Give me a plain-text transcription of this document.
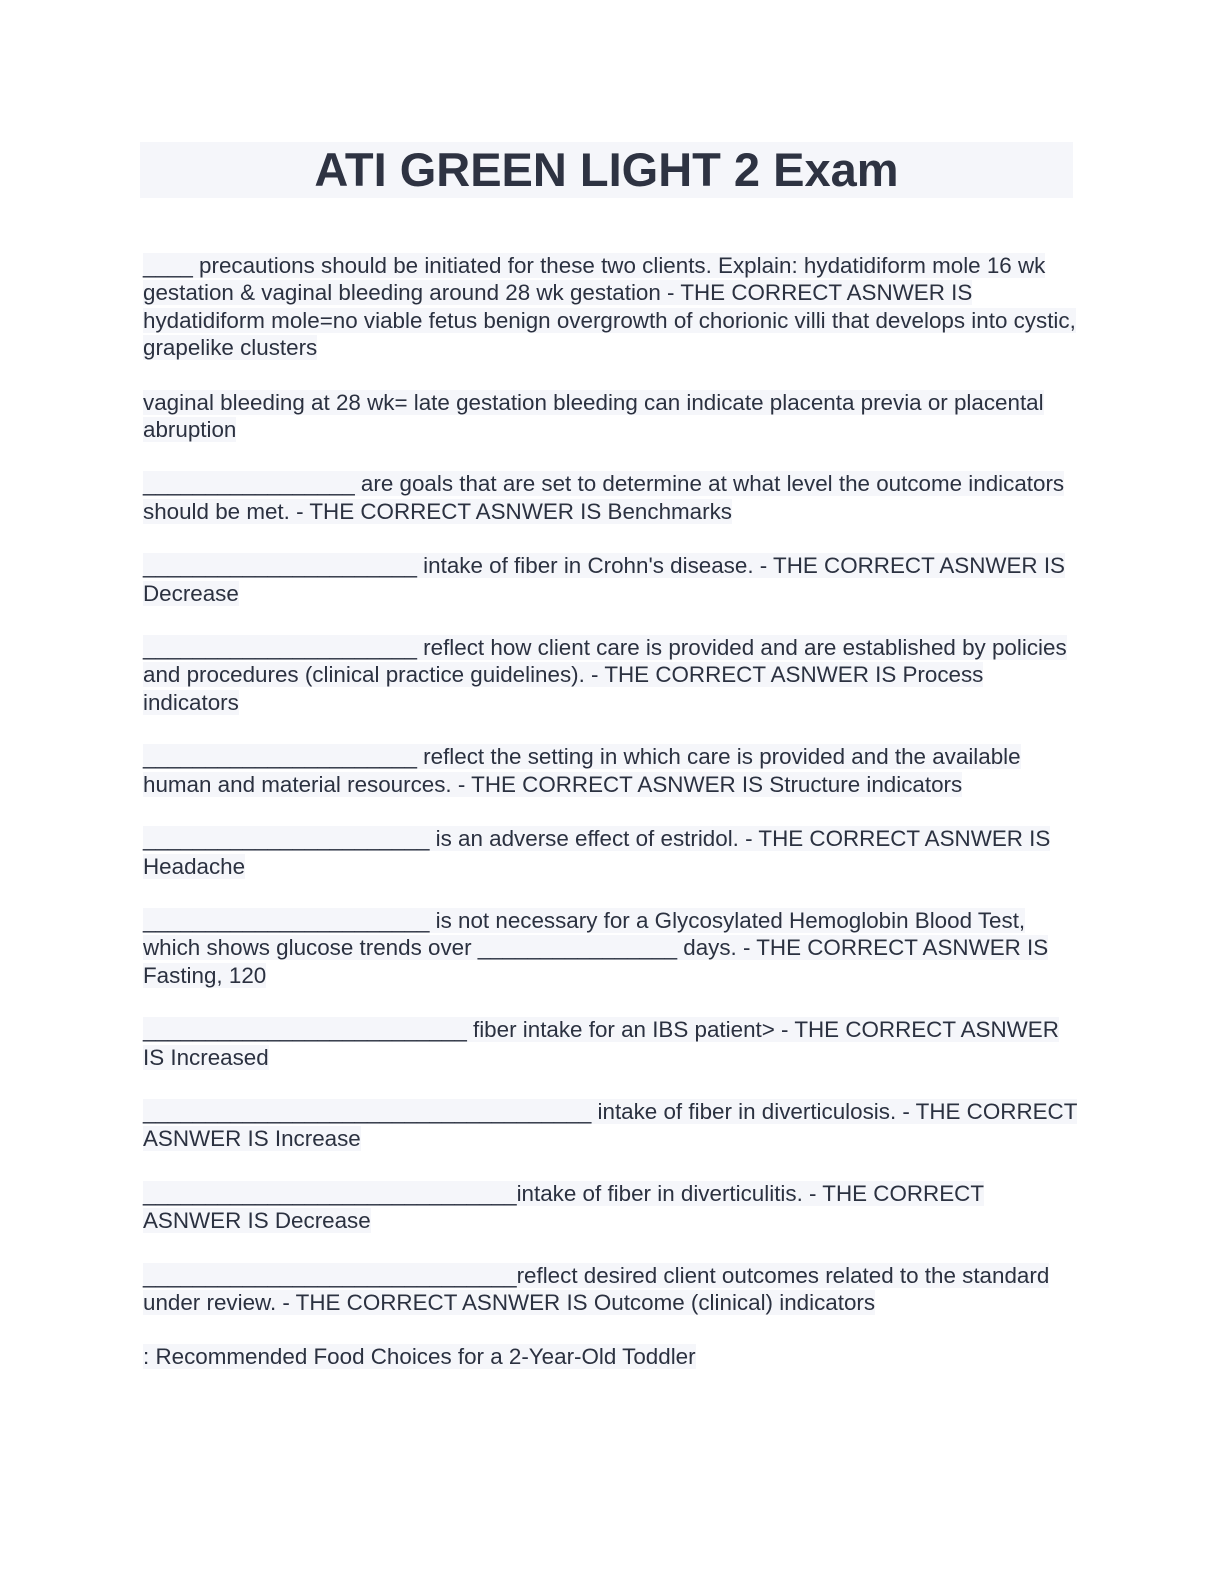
ATI GREEN LIGHT 2 Exam

____ precautions should be initiated for these two clients. Explain: hydatidiform mole 16 wk gestation & vaginal bleeding around 28 wk gestation - THE CORRECT ASNWER IS hydatidiform mole=no viable fetus benign overgrowth of chorionic villi that develops into cystic, grapelike clusters

vaginal bleeding at 28 wk= late gestation bleeding can indicate placenta previa or placental abruption

_________________ are goals that are set to determine at what level the outcome indicators should be met. - THE CORRECT ASNWER IS Benchmarks

______________________ intake of fiber in Crohn's disease. - THE CORRECT ASNWER IS Decrease

______________________ reflect how client care is provided and are established by policies and procedures (clinical practice guidelines). - THE CORRECT ASNWER IS Process indicators

______________________ reflect the setting in which care is provided and the available human and material resources. - THE CORRECT ASNWER IS Structure indicators

_______________________ is an adverse effect of estridol. - THE CORRECT ASNWER IS Headache

_______________________ is not necessary for a Glycosylated Hemoglobin Blood Test, which shows glucose trends over ________________ days. - THE CORRECT ASNWER IS Fasting, 120

__________________________ fiber intake for an IBS patient> - THE CORRECT ASNWER IS Increased

____________________________________ intake of fiber in diverticulosis. - THE CORRECT ASNWER IS Increase

______________________________intake of fiber in diverticulitis. - THE CORRECT ASNWER IS Decrease

______________________________reflect desired client outcomes related to the standard under review. - THE CORRECT ASNWER IS Outcome (clinical) indicators

: Recommended Food Choices for a 2-Year-Old Toddler
